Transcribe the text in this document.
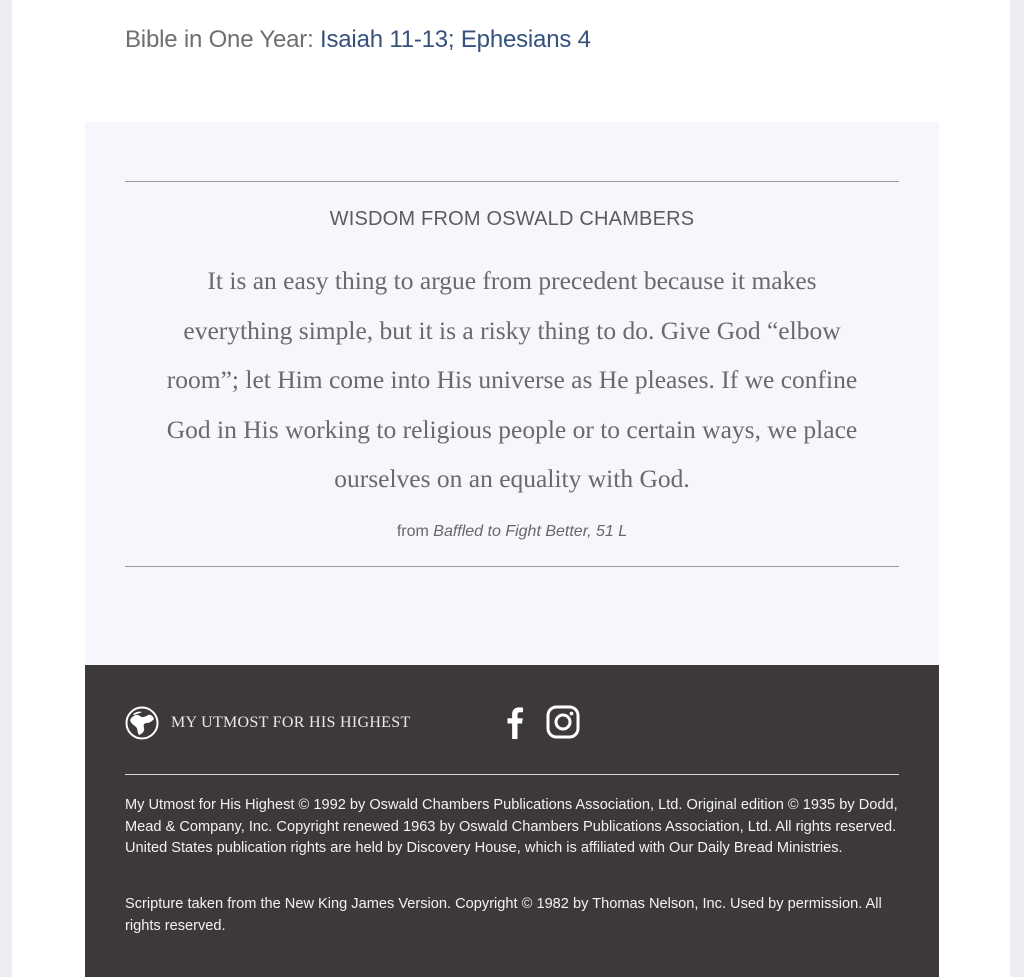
Bible in One Year: Isaiah 11-13; Ephesians 4
WISDOM FROM OSWALD CHAMBERS
It is an easy thing to argue from precedent because it makes everything simple, but it is a risky thing to do. Give God “elbow room”; let Him come into His universe as He pleases. If we confine God in His working to religious people or to certain ways, we place ourselves on an equality with God.
from Baffled to Fight Better, 51 L
MY UTMOST FOR HIS HIGHEST

My Utmost for His Highest © 1992 by Oswald Chambers Publications Association, Ltd. Original edition © 1935 by Dodd, Mead & Company, Inc. Copyright renewed 1963 by Oswald Chambers Publications Association, Ltd. All rights reserved. United States publication rights are held by Discovery House, which is affiliated with Our Daily Bread Ministries.

Scripture taken from the New King James Version. Copyright © 1982 by Thomas Nelson, Inc. Used by permission. All rights reserved.
